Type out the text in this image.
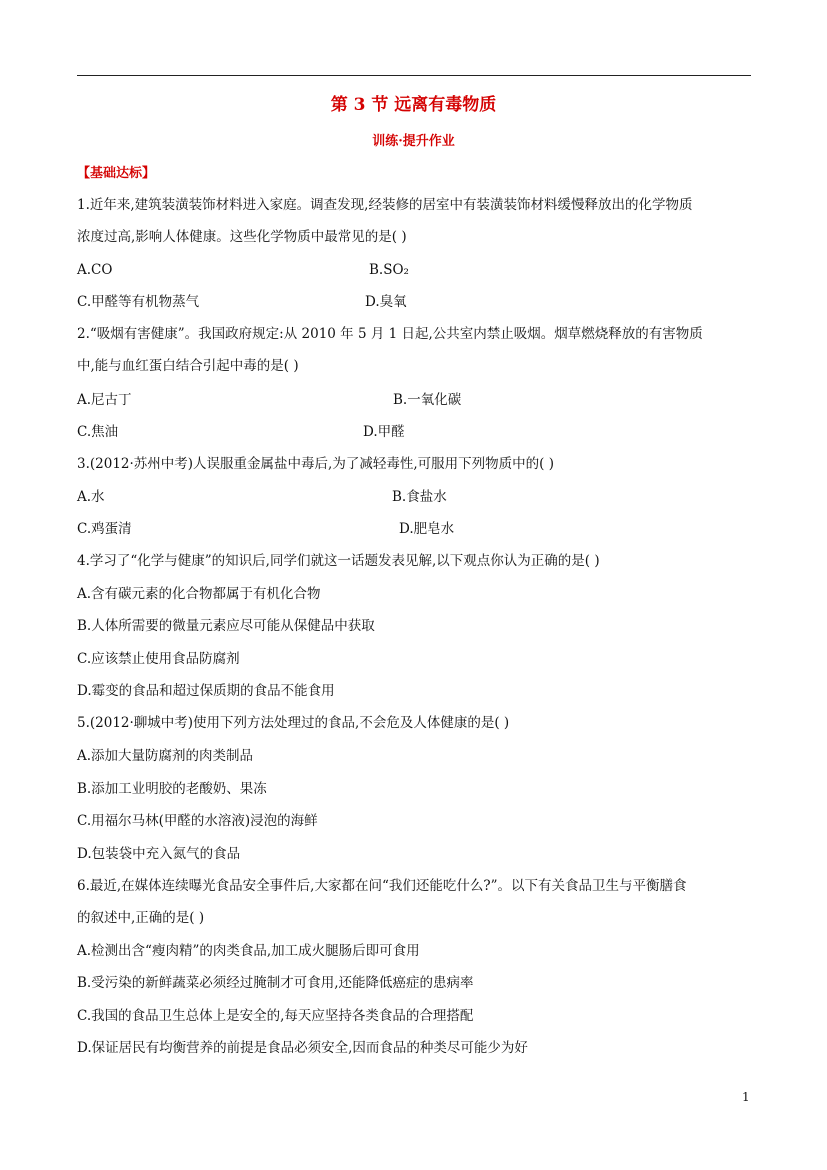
第 3 节 远离有毒物质
训练·提升作业
【基础达标】
1.近年来,建筑装潢装饰材料进入家庭。调查发现,经装修的居室中有装潢装饰材料缓慢释放出的化学物质
浓度过高,影响人体健康。这些化学物质中最常见的是( )
A.CO	B.SO₂
C.甲醛等有机物蒸气	D.臭氧
2.“吸烟有害健康”。我国政府规定:从 2010 年 5 月 1 日起,公共室内禁止吸烟。烟草燃烧释放的有害物质
中,能与血红蛋白结合引起中毒的是( )
A.尼古丁	B.一氧化碳
C.焦油	D.甲醛
3.(2012·苏州中考)人误服重金属盐中毒后,为了减轻毒性,可服用下列物质中的( )
A.水	B.食盐水
C.鸡蛋清	D.肥皂水
4.学习了“化学与健康”的知识后,同学们就这一话题发表见解,以下观点你认为正确的是( )
A.含有碳元素的化合物都属于有机化合物
B.人体所需要的微量元素应尽可能从保健品中获取
C.应该禁止使用食品防腐剂
D.霉变的食品和超过保质期的食品不能食用
5.(2012·聊城中考)使用下列方法处理过的食品,不会危及人体健康的是( )
A.添加大量防腐剂的肉类制品
B.添加工业明胶的老酸奶、果冻
C.用福尔马林(甲醛的水溶液)浸泡的海鲜
D.包装袋中充入氮气的食品
6.最近,在媒体连续曝光食品安全事件后,大家都在问“我们还能吃什么?”。以下有关食品卫生与平衡膳食
的叙述中,正确的是( )
A.检测出含“瘦肉精”的肉类食品,加工成火腿肠后即可食用
B.受污染的新鲜蔬菜必须经过腌制才可食用,还能降低癌症的患病率
C.我国的食品卫生总体上是安全的,每天应坚持各类食品的合理搭配
D.保证居民有均衡营养的前提是食品必须安全,因而食品的种类尽可能少为好
1
